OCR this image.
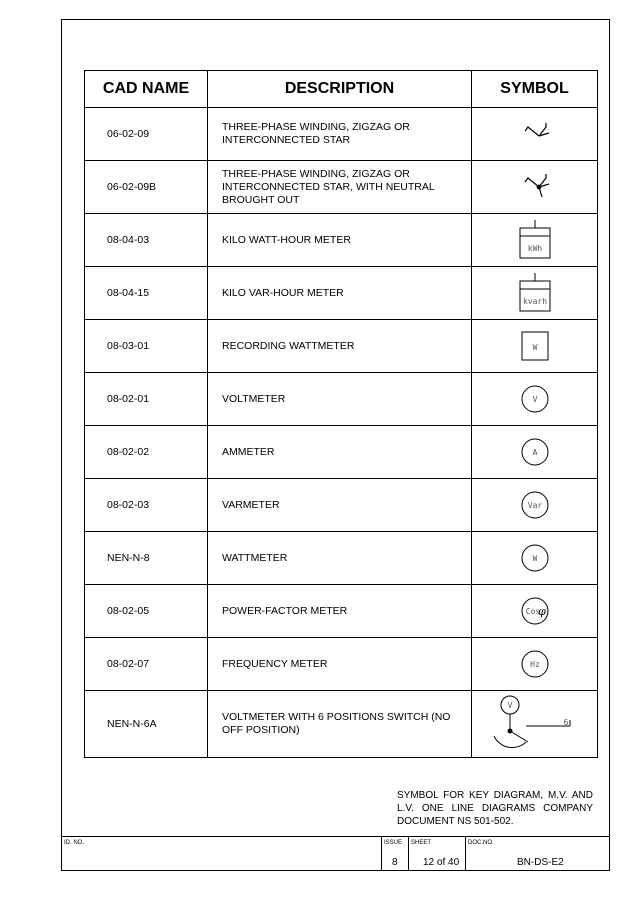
CAD NAME	DESCRIPTION	SYMBOL
06-02-09	THREE-PHASE WINDING, ZIGZAG OR INTERCONNECTED STAR	

06-02-09B	THREE-PHASE WINDING, ZIGZAG OR INTERCONNECTED STAR, WITH NEUTRAL BROUGHT OUT	

08-04-03	KILO WATT-HOUR METER	kWh

08-04-15	KILO VAR-HOUR METER	kvarh

08-03-01	RECORDING WATTMETER	W

08-02-01	VOLTMETER	V

08-02-02	AMMETER	A

08-02-03	VARMETER	Var

NEN-N-8	WATTMETER	W

08-02-05	POWER-FACTOR METER	Cos
φ

08-02-07	FREQUENCY METER	Hz

NEN-N-6A	VOLTMETER WITH 6 POSITIONS SWITCH (NO OFF POSITION)	V
6
SYMBOL FOR KEY DIAGRAM, M.V. AND L.V. ONE LINE DIAGRAMS COMPANY DOCUMENT NS 501-502.
ID. NO.	ISSUE
8
SHEET
12 of 40
DOC.NO.
BN-DS-E2
